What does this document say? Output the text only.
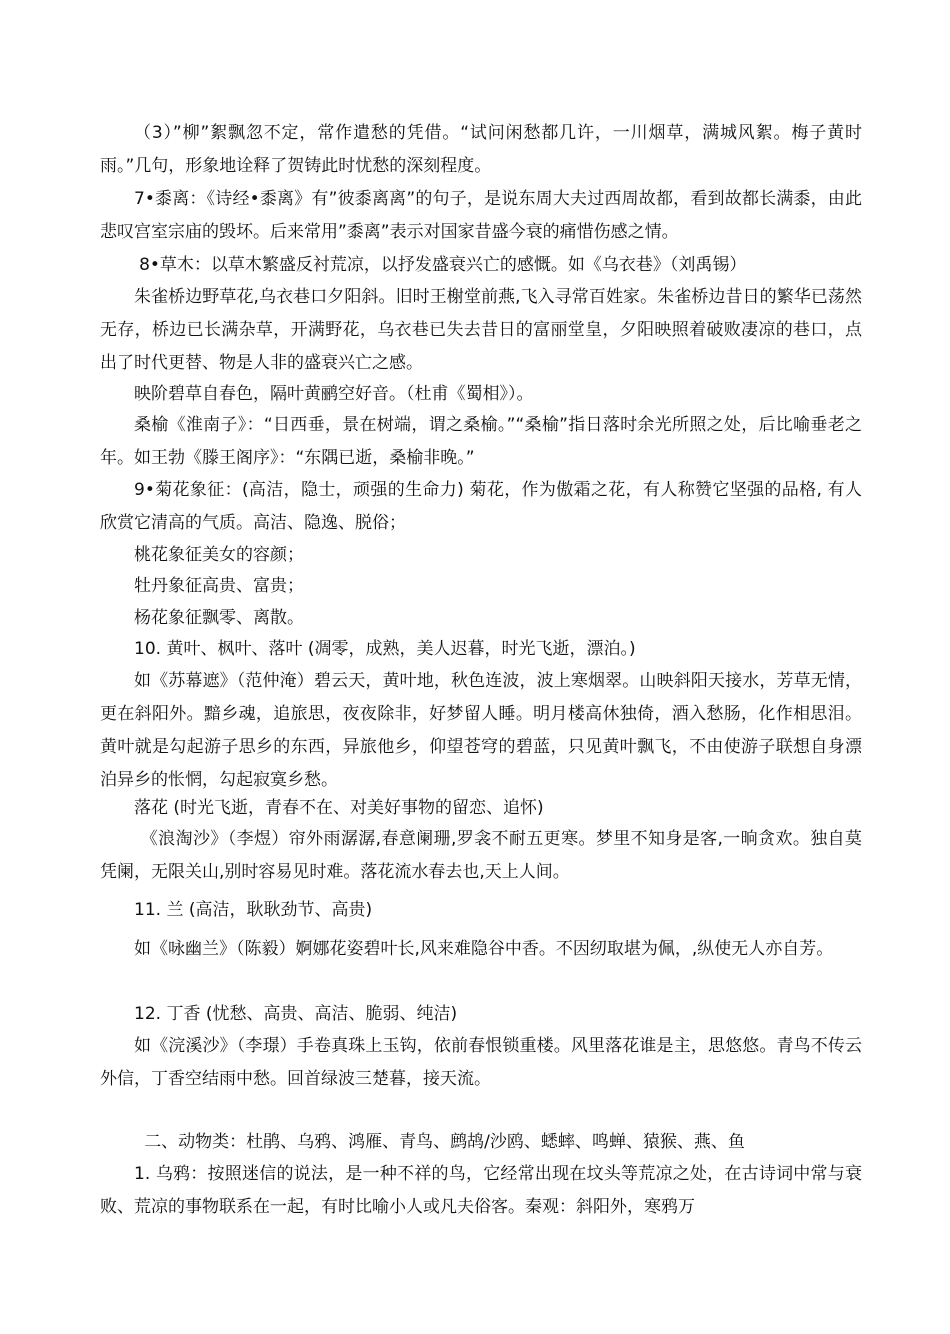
（3）”柳”絮飘忽不定，常作遣愁的凭借。“试问闲愁都几许，一川烟草，满城风絮。梅子黄时雨。”几句，形象地诠释了贺铸此时忧愁的深刻程度。

7•黍离：《诗经•黍离》有”彼黍离离”的句子，是说东周大夫过西周故都，看到故都长满黍，由此悲叹宫室宗庙的毁坏。后来常用”黍离”表示对国家昔盛今衰的痛惜伤感之情。

8•草木：以草木繁盛反衬荒凉，以抒发盛衰兴亡的感慨。如《乌衣巷》（刘禹锡）

朱雀桥边野草花,乌衣巷口夕阳斜。旧时王榭堂前燕,飞入寻常百姓家。朱雀桥边昔日的繁华已荡然无存，桥边已长满杂草，开满野花，乌衣巷已失去昔日的富丽堂皇，夕阳映照着破败凄凉的巷口，点出了时代更替、物是人非的盛衰兴亡之感。

映阶碧草自春色，隔叶黄鹂空好音。（杜甫《蜀相》）。

桑榆《淮南子》：“日西垂，景在树端，谓之桑榆。”“桑榆”指日落时余光所照之处，后比喻垂老之年。如王勃《滕王阁序》：“东隅已逝，桑榆非晚。”

9•菊花象征：(高洁，隐士，顽强的生命力) 菊花，作为傲霜之花，有人称赞它坚强的品格, 有人欣赏它清高的气质。高洁、隐逸、脱俗；

桃花象征美女的容颜；

牡丹象征高贵、富贵；

杨花象征飘零、离散。

10. 黄叶、枫叶、落叶 (凋零，成熟，美人迟暮，时光飞逝，漂泊。)

如《苏幕遮》（范仲淹）碧云天，黄叶地，秋色连波，波上寒烟翠。山映斜阳天接水，芳草无情，更在斜阳外。黯乡魂，追旅思，夜夜除非，好梦留人睡。明月楼高休独倚，酒入愁肠，化作相思泪。黄叶就是勾起游子思乡的东西，异旅他乡，仰望苍穹的碧蓝，只见黄叶飘飞，不由使游子联想自身漂泊异乡的怅惘，勾起寂寞乡愁。

落花 (时光飞逝，青春不在、对美好事物的留恋、追怀)

《浪淘沙》（李煜）帘外雨潺潺,春意阑珊,罗衾不耐五更寒。梦里不知身是客,一晌贪欢。独自莫凭阑，无限关山,别时容易见时难。落花流水春去也,天上人间。

11. 兰 (高洁，耿耿劲节、高贵)

如《咏幽兰》（陈毅）婀娜花姿碧叶长,风来难隐谷中香。不因纫取堪为佩，,纵使无人亦自芳。

12. 丁香 (忧愁、高贵、高洁、脆弱、纯洁)

如《浣溪沙》（李璟）手卷真珠上玉钩，依前春恨锁重楼。风里落花谁是主，思悠悠。青鸟不传云外信，丁香空结雨中愁。回首绿波三楚暮，接天流。

二、动物类：杜鹃、乌鸦、鸿雁、青鸟、鹧鸪/沙鸥、蟋蟀、鸣蝉、猿猴、燕、鱼

1. 乌鸦：按照迷信的说法，是一种不祥的鸟，它经常出现在坟头等荒凉之处，在古诗词中常与衰败、荒凉的事物联系在一起，有时比喻小人或凡夫俗客。秦观：斜阳外，寒鸦万
